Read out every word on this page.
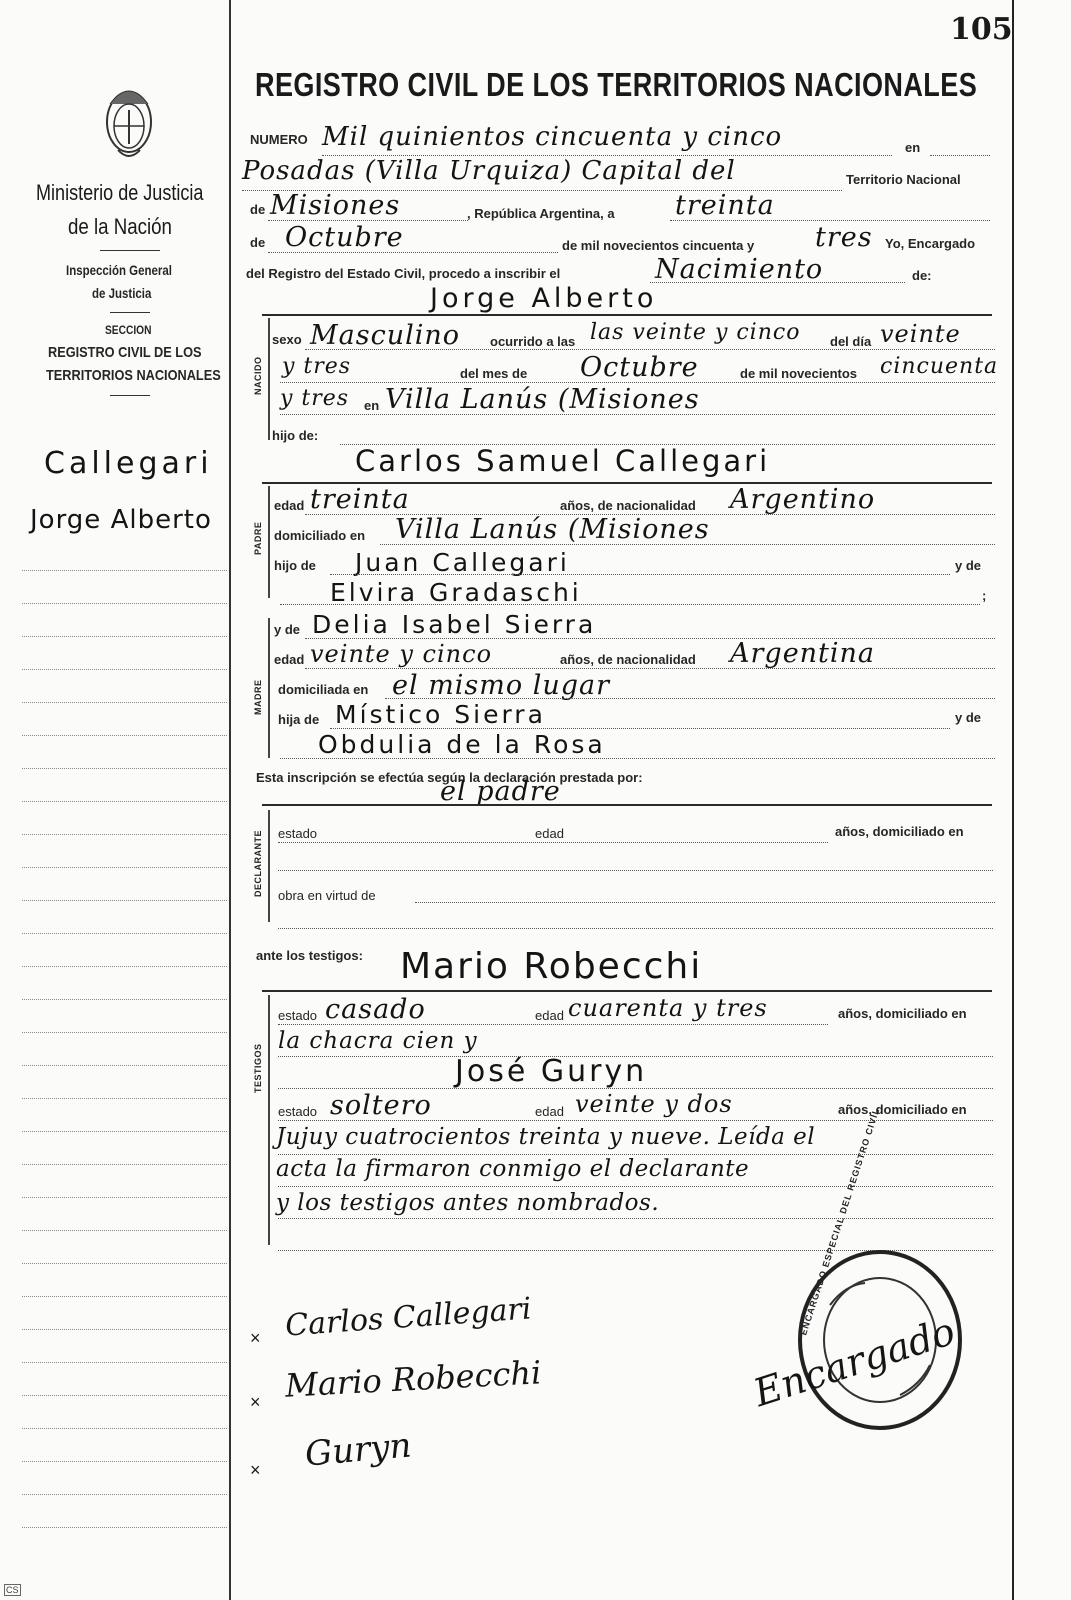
105
REGISTRO CIVIL DE LOS TERRITORIOS NACIONALES
Ministerio de Justicia
de la Nación
Inspección General
de Justicia
SECCION
REGISTRO CIVIL DE LOS
TERRITORIOS NACIONALES
Callegari
Jorge Alberto
NUMERO Mil quinientos cincuenta y cinco	en
Posadas (Villa Urquiza) Capital del	Territorio Nacional
de Misiones	, República Argentina, a treinta
de Octubre	de mil novecientos cincuenta y tres Yo, Encargado
del Registro del Estado Civil, procedo a inscribir el	Nacimiento	de:
Jorge Alberto
NACIDO
sexo Masculino ocurrido a las las veinte y cinco del día veinte
y tres	del mes de Octubre	de mil novecientos cincuenta
y tres en Villa Lanús (Misiones
hijo de:
Carlos Samuel Callegari
PADRE
edad treinta	años, de nacionalidad Argentino
domiciliado en Villa Lanús (Misiones
hijo de Juan Callegari	y de
Elvira Gradaschi	;
MADRE
y de Delia Isabel Sierra
edad veinte y cinco	años, de nacionalidad Argentina
domiciliada en el mismo lugar
hija de Místico Sierra	y de
Obdulia de la Rosa
Esta inscripción se efectúa según la declaración prestada por:
el padre
DECLARANTE estado	edad	años, domiciliado en
obra en virtud de
ante los testigos: Mario Robecchi
TESTIGOS
estado casado	edad cuarenta y tres	años, domiciliado en
la chacra cien y
José Guryn
estado soltero	edad veinte y dos	años, domiciliado en
Jujuy cuatrocientos treinta y nueve. Leída el
acta la firmaron conmigo el declarante
y los testigos antes nombrados.
× Carlos Callegari
× Mario Robecchi
× Guryn
ENCARGADO ESPECIAL DEL REGISTRO CIVIL
Encargado
CS
